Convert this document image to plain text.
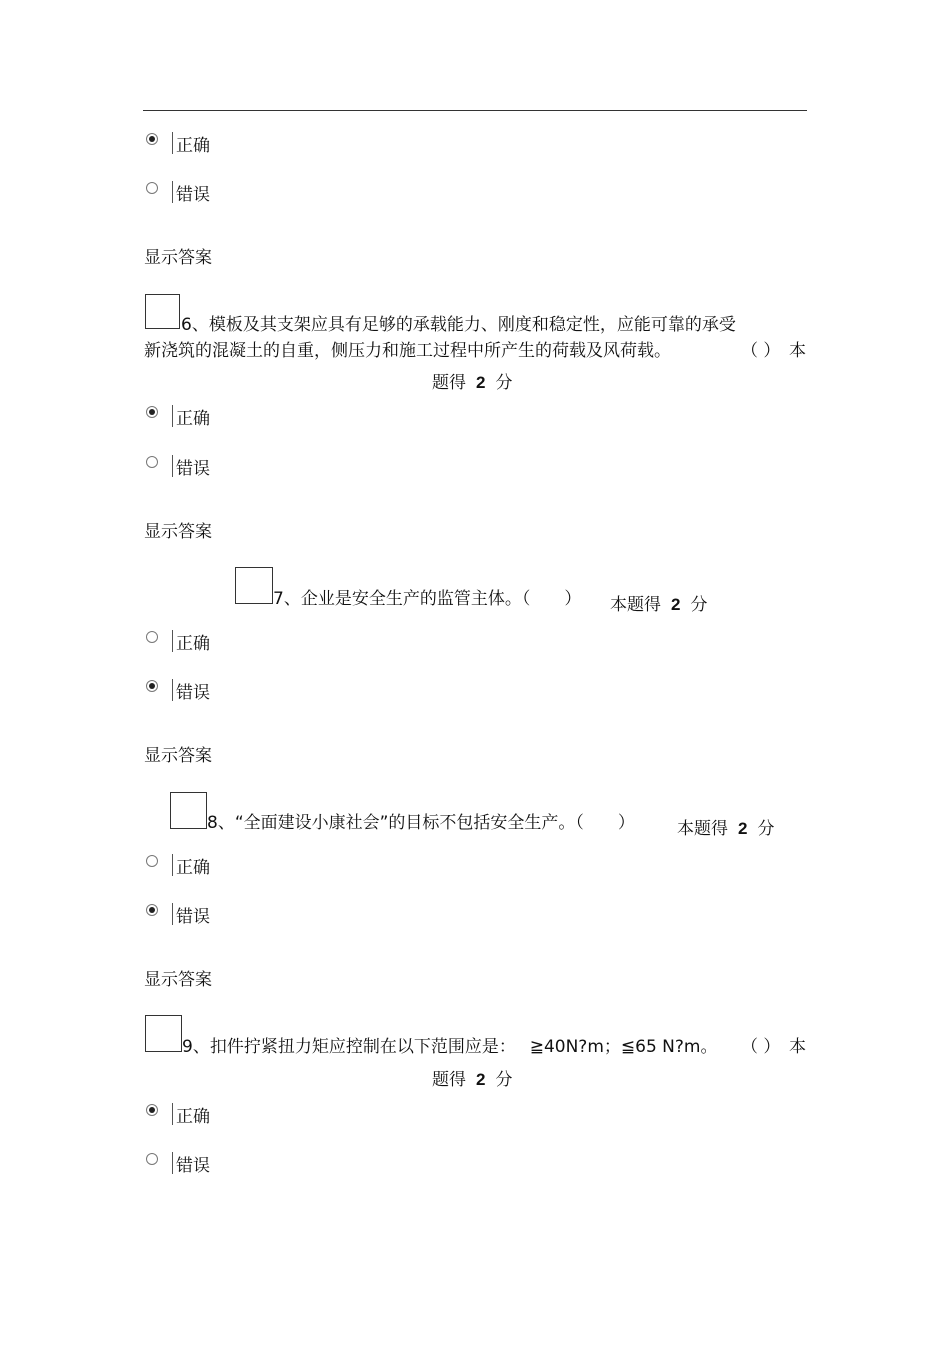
正确
错误
显示答案
6、模板及其支架应具有足够的承载能力、刚度和稳定性，应能可靠的承受
新浇筑的混凝土的自重，侧压力和施工过程中所产生的荷载及风荷载。	（ ） 本
题得 2 分
正确
错误
显示答案
7、企业是安全生产的监管主体。（　　） 本题得 2 分
正确
错误
显示答案
8、“全面建设小康社会”的目标不包括安全生产。（　　） 本题得 2 分
正确
错误
显示答案
9、扣件拧紧扭力矩应控制在以下范围应是：　 ≧40N?m；≦65 N?m。 （ ） 本
题得 2 分
正确
错误
